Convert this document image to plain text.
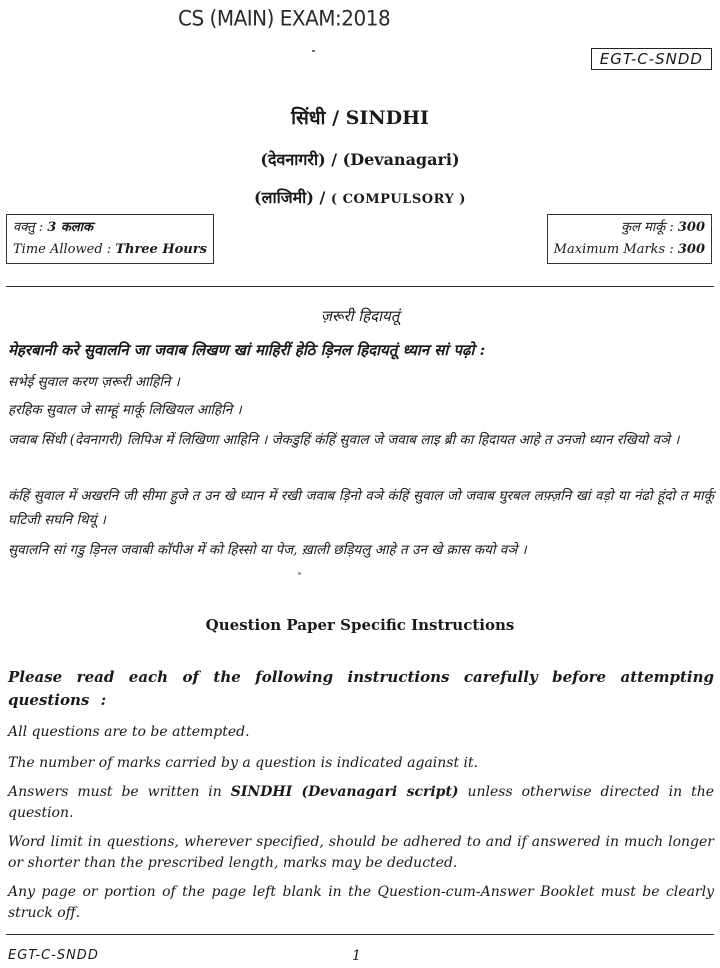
CS (MAIN) EXAM:2018
EGT-C-SNDD
सिंधी / SINDHI
(देवनागरी) / (Devanagari)
(लाजिमी) / ( COMPULSORY )
वक्तु : 3 कलाक
Time Allowed : Three Hours
कुल मार्कू : 300
Maximum Marks : 300
ज़रूरी हिदायतूं
मेहरबानी करे सुवालनि जा जवाब लिखण खां माहिरीं हेठि ड़िनल हिदायतूं ध्यान सां पढ़ो :
सभेई सुवाल करण ज़रूरी आहिनि ।
हरहिक सुवाल जे साम्हूं मार्कू लिखियल आहिनि ।
जवाब सिंधी (देवनागरी) लिपिअ में लिखिणा आहिनि । जेकडुहिं कंहिं सुवाल जे जवाब लाइ ब्री का हिदायत आहे त उनजो ध्यान रखियो वञे ।
कंहिं सुवाल में अखरनि जी सीमा हुजे त उन खे ध्यान में रखी जवाब ड़िनो वञे कंहिं सुवाल जो जवाब घुरबल लफ़्ज़नि खां वड़ो या नंढो हूंदो त मार्कू घटिजी सघनि थियूं ।
सुवालनि सां गडु ड़िनल जवाबी कॉपीअ में को हिस्सो या पेज, ख़ाली छड़ियलु आहे त उन खे क्रास कयो वञे ।
Question Paper Specific Instructions
Please read each of the following instructions carefully before attempting questions :
All questions are to be attempted.
The number of marks carried by a question is indicated against it.
Answers must be written in SINDHI (Devanagari script) unless otherwise directed in the question.
Word limit in questions, wherever specified, should be adhered to and if answered in much longer or shorter than the prescribed length, marks may be deducted.
Any page or portion of the page left blank in the Question-cum-Answer Booklet must be clearly struck off.
EGT-C-SNDD	1
